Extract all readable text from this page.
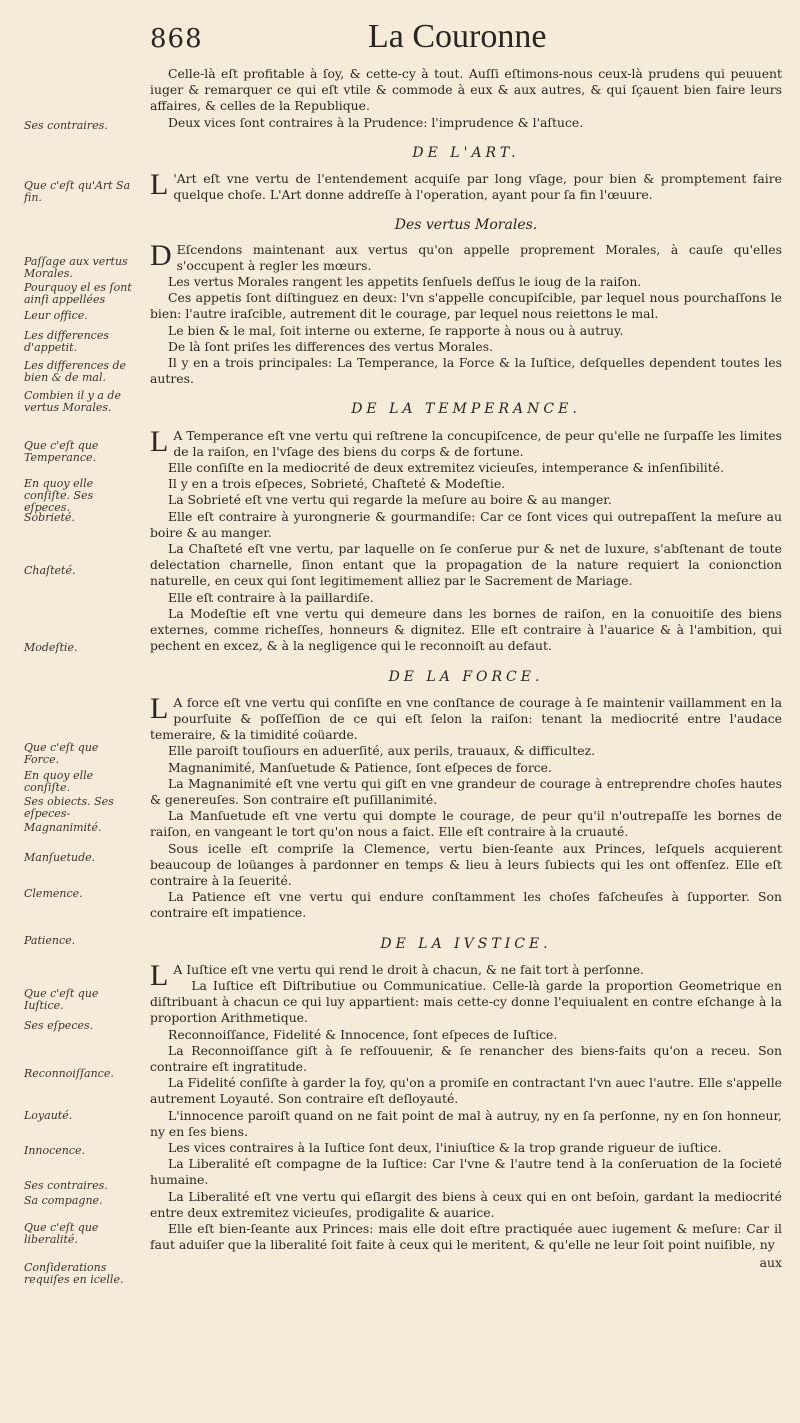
868	La Couronne
Ses contraires.
Que c'eſt qu'Art Sa fin.
Paſſage aux vertus Morales.
Pourquoy el es ſont ainſi appellées
Leur office.
Les differences d'appetit.
Les differences de bien & de mal.
Combien il y a de vertus Morales.
Que c'eſt que Temperance.
En quoy elle conſiſte. Ses eſpeces.
Sobrieté.
Chaſteté.
Modeſtie.
Que c'eſt que Force.
En quoy elle conſiſte.
Ses obiects. Ses eſpeces-
Magnanimité.
Manſuetude.
Clemence.
Patience.
Que c'eſt que Iuſtice.
Ses eſpeces.
Reconnoiſſance.
Loyauté.
Innocence.
Ses contraires.
Sa compagne.
Que c'eſt que liberalité.
Conſiderations requiſes en icelle.

Celle-là eſt profitable à ſoy, & cette-cy à tout. Auſſi eſtimons-nous ceux-là prudens qui peuuent iuger & remarquer ce qui eſt vtile & commode à eux & aux autres, & qui ſçauent bien faire leurs affaires, & celles de la Republique.

Deux vices ſont contraires à la Prudence: l'imprudence & l'aſtuce.

DE L'ART.

L 'Art eſt vne vertu de l'entendement acquiſe par long vſage, pour bien & promptement faire quelque choſe. L'Art donne addreſſe à l'operation, ayant pour ſa fin l'œuure.

Des vertus Morales.

D Eſcendons maintenant aux vertus qu'on appelle proprement Morales, à cauſe qu'elles s'occupent à regler les mœurs.

Les vertus Morales rangent les appetits ſenſuels deſſus le ioug de la raiſon.

Ces appetis ſont diſtinguez en deux: l'vn s'appelle concupiſcible, par lequel nous pourchaſſons le bien: l'autre iraſcible, autrement dit le courage, par lequel nous reiettons le mal.

Le bien & le mal, ſoit interne ou externe, ſe rapporte à nous ou à autruy.

De là ſont priſes les differences des vertus Morales.

Il y en a trois principales: La Temperance, la Force & la Iuſtice, deſquelles dependent toutes les autres.

DE LA TEMPERANCE.

L A Temperance eſt vne vertu qui reſtrene la concupiſcence, de peur qu'elle ne ſurpaſſe les limites de la raiſon, en l'vſage des biens du corps & de fortune.

Elle conſiſte en la mediocrité de deux extremitez vicieuſes, intemperance & inſenſibilité.

Il y en a trois eſpeces, Sobrieté, Chaſteté & Modeſtie.

La Sobrieté eſt vne vertu qui regarde la meſure au boire & au manger.

Elle eſt contraire à yurongnerie & gourmandiſe: Car ce ſont vices qui outrepaſſent la meſure au boire & au manger.

La Chaſteté eſt vne vertu, par laquelle on ſe conſerue pur & net de luxure, s'abſtenant de toute delectation charnelle, ſinon entant que la propagation de la nature requiert la conionction naturelle, en ceux qui ſont legitimement alliez par le Sacrement de Mariage.

Elle eſt contraire à la paillardiſe.

La Modeſtie eſt vne vertu qui demeure dans les bornes de raiſon, en la conuoitiſe des biens externes, comme richeſſes, honneurs & dignitez. Elle eſt contraire à l'auarice & à l'ambition, qui pechent en excez, & à la negligence qui le reconnoiſt au defaut.

DE LA FORCE.

L A force eſt vne vertu qui conſiſte en vne conſtance de courage à ſe maintenir vaillamment en la pourſuite & poſſeſſion de ce qui eſt ſelon la raiſon: tenant la mediocrité entre l'audace temeraire, & la timidité coüarde.

Elle paroiſt touſiours en aduerſité, aux perils, trauaux, & difficultez.

Magnanimité, Manſuetude & Patience, ſont eſpeces de force.

La Magnanimité eſt vne vertu qui giſt en vne grandeur de courage à entreprendre choſes hautes & genereuſes. Son contraire eſt puſillanimité.

La Manſuetude eſt vne vertu qui dompte le courage, de peur qu'il n'outrepaſſe les bornes de raiſon, en vangeant le tort qu'on nous a faict. Elle eſt contraire à la cruauté.

Sous icelle eſt compriſe la Clemence, vertu bien-ſeante aux Princes, leſquels acquierent beaucoup de loüanges à pardonner en temps & lieu à leurs ſubiects qui les ont offenſez. Elle eſt contraire à la ſeuerité.

La Patience eſt vne vertu qui endure conſtamment les choſes faſcheuſes à ſupporter. Son contraire eſt impatience.

DE LA IVSTICE.

L A Iuſtice eſt vne vertu qui rend le droit à chacun, & ne fait tort à perſonne.

La Iuſtice eſt Diſtributiue ou Communicatiue. Celle-là garde la proportion Geometrique en diſtribuant à chacun ce qui luy appartient: mais cette-cy donne l'equiualent en contre eſchange à la proportion Arithmetique.

Reconnoiſſance, Fidelité & Innocence, ſont eſpeces de Iuſtice.

La Reconnoiſſance giſt à ſe reſſouuenir, & ſe renancher des biens-faits qu'on a receu. Son contraire eſt ingratitude.

La Fidelité conſiſte à garder la foy, qu'on a promiſe en contractant l'vn auec l'autre. Elle s'appelle autrement Loyauté. Son contraire eſt deſloyauté.

L'innocence paroiſt quand on ne fait point de mal à autruy, ny en ſa perſonne, ny en ſon honneur, ny en ſes biens.

Les vices contraires à la Iuſtice ſont deux, l'iniuſtice & la trop grande rigueur de iuſtice.

La Liberalité eſt compagne de la Iuſtice: Car l'vne & l'autre tend à la conſeruation de la ſocieté humaine.

La Liberalité eſt vne vertu qui eſlargit des biens à ceux qui en ont beſoin, gardant la mediocrité entre deux extremitez vicieuſes, prodigalite & auarice.

Elle eſt bien-ſeante aux Princes: mais elle doit eſtre practiquée auec iugement & meſure: Car il faut aduiſer que la liberalité ſoit faite à ceux qui le meritent, & qu'elle ne leur ſoit point nuiſible, ny

aux
